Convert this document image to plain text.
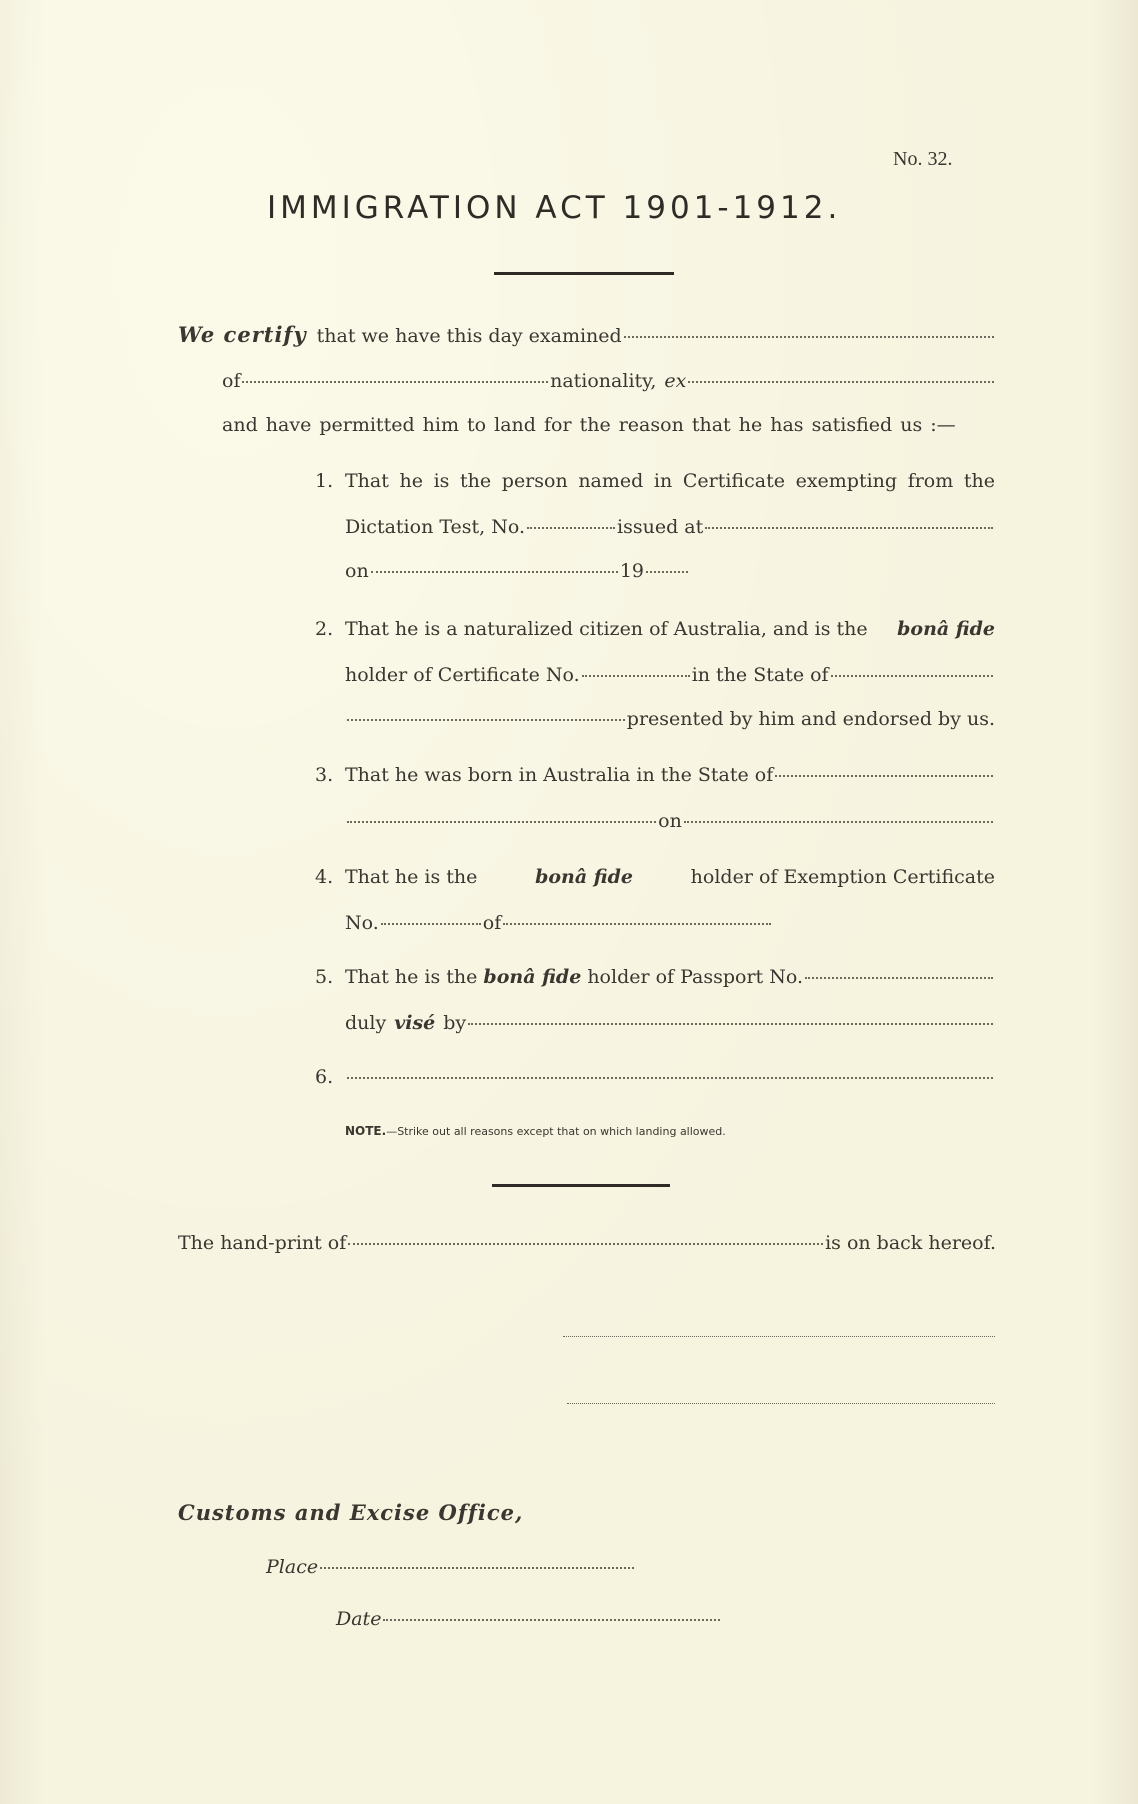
No. 32.
IMMIGRATION ACT 1901-1912.
We certify that we have this day examined
of	nationality, ex
and have permitted him to land for the reason that he has satisfied us :—
1. That he is the person named in Certificate exempting from the
Dictation Test, No.	issued at
on	19
2. That he is a naturalized citizen of Australia, and is the bonâ fide
holder of Certificate No.	in the State of
presented by him and endorsed by us.
3. That he was born in Australia in the State of
on
4. That he is the	bonâ fide	holder of Exemption Certificate
No.	of
5. That he is the bonâ fide holder of Passport No.
duly visé by
6.
NOTE.—Strike out all reasons except that on which landing allowed.
The hand-print of	is on back hereof.
Customs and Excise Office,
Place
Date
